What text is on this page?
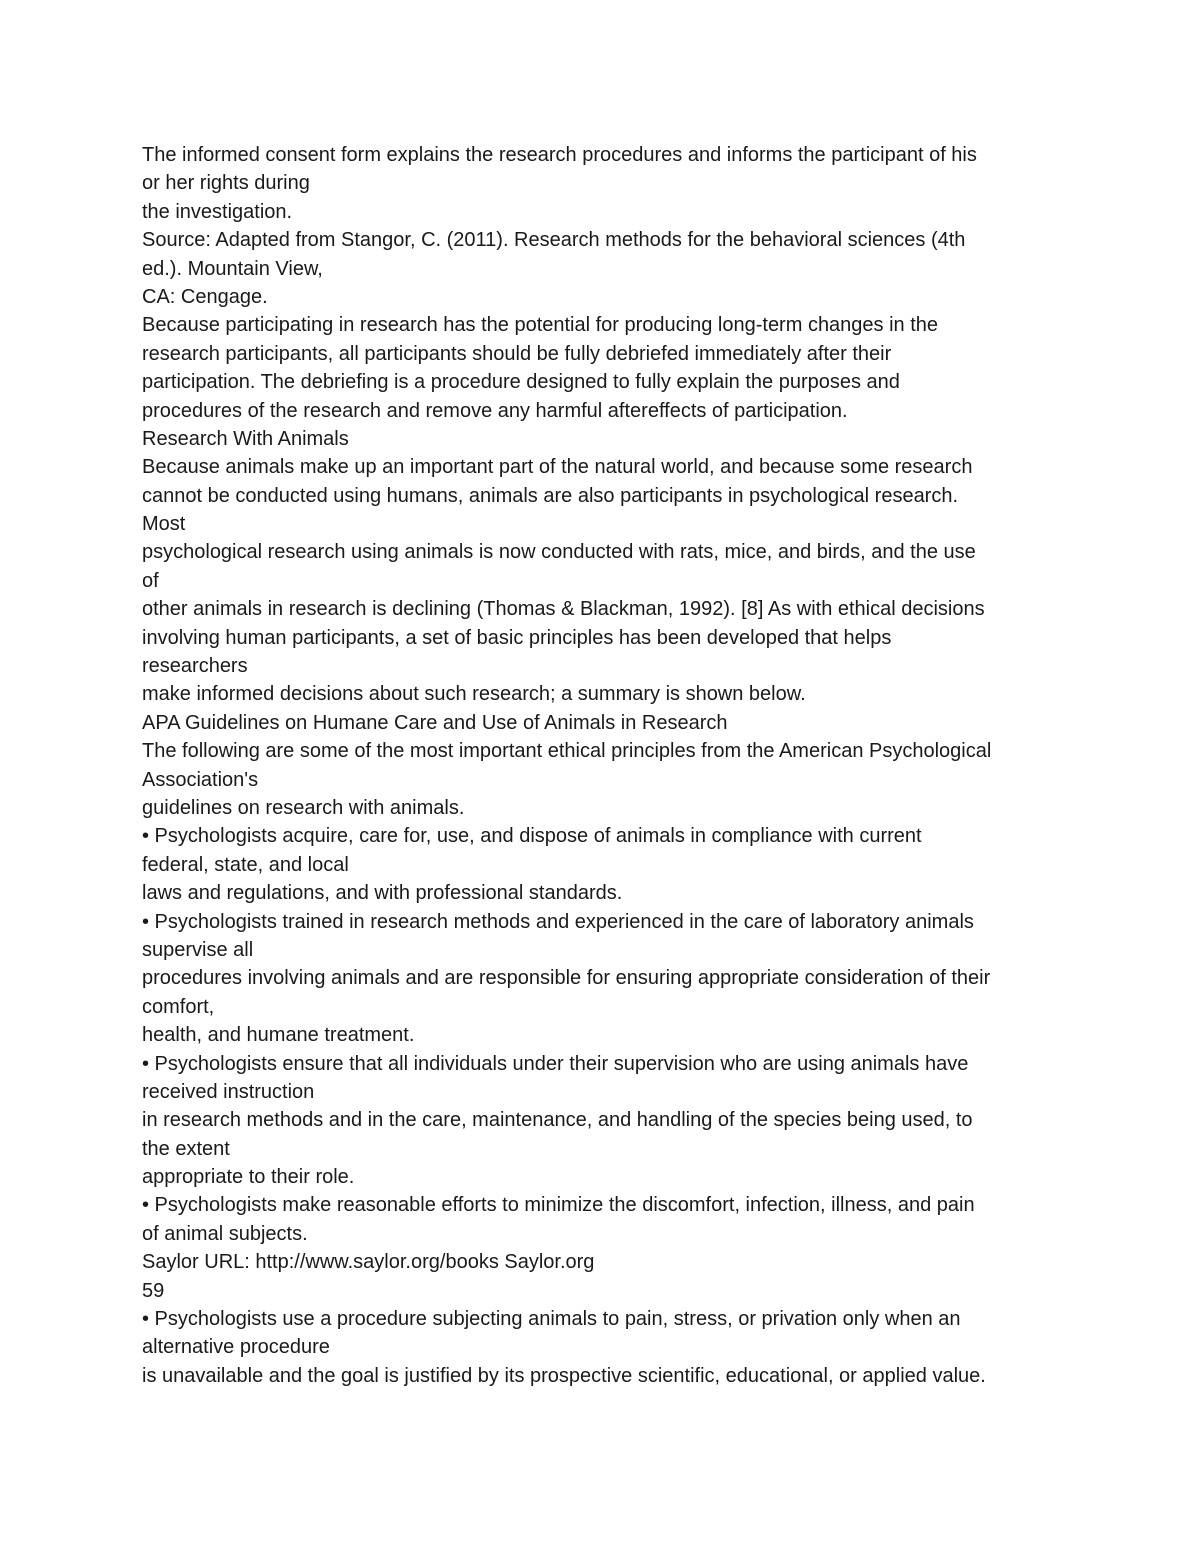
The informed consent form explains the research procedures and informs the participant of his
or her rights during
the investigation.
Source: Adapted from Stangor, C. (2011). Research methods for the behavioral sciences (4th
ed.). Mountain View,
CA: Cengage.
Because participating in research has the potential for producing long-term changes in the
research participants, all participants should be fully debriefed immediately after their
participation. The debriefing is a procedure designed to fully explain the purposes and
procedures of the research and remove any harmful aftereffects of participation.
Research With Animals
Because animals make up an important part of the natural world, and because some research
cannot be conducted using humans, animals are also participants in psychological research.
Most
psychological research using animals is now conducted with rats, mice, and birds, and the use
of
other animals in research is declining (Thomas & Blackman, 1992). [8] As with ethical decisions
involving human participants, a set of basic principles has been developed that helps
researchers
make informed decisions about such research; a summary is shown below.
APA Guidelines on Humane Care and Use of Animals in Research
The following are some of the most important ethical principles from the American Psychological
Association's
guidelines on research with animals.
• Psychologists acquire, care for, use, and dispose of animals in compliance with current
federal, state, and local
laws and regulations, and with professional standards.
• Psychologists trained in research methods and experienced in the care of laboratory animals
supervise all
procedures involving animals and are responsible for ensuring appropriate consideration of their
comfort,
health, and humane treatment.
• Psychologists ensure that all individuals under their supervision who are using animals have
received instruction
in research methods and in the care, maintenance, and handling of the species being used, to
the extent
appropriate to their role.
• Psychologists make reasonable efforts to minimize the discomfort, infection, illness, and pain
of animal subjects.
Saylor URL: http://www.saylor.org/books Saylor.org
59
• Psychologists use a procedure subjecting animals to pain, stress, or privation only when an
alternative procedure
is unavailable and the goal is justified by its prospective scientific, educational, or applied value.
